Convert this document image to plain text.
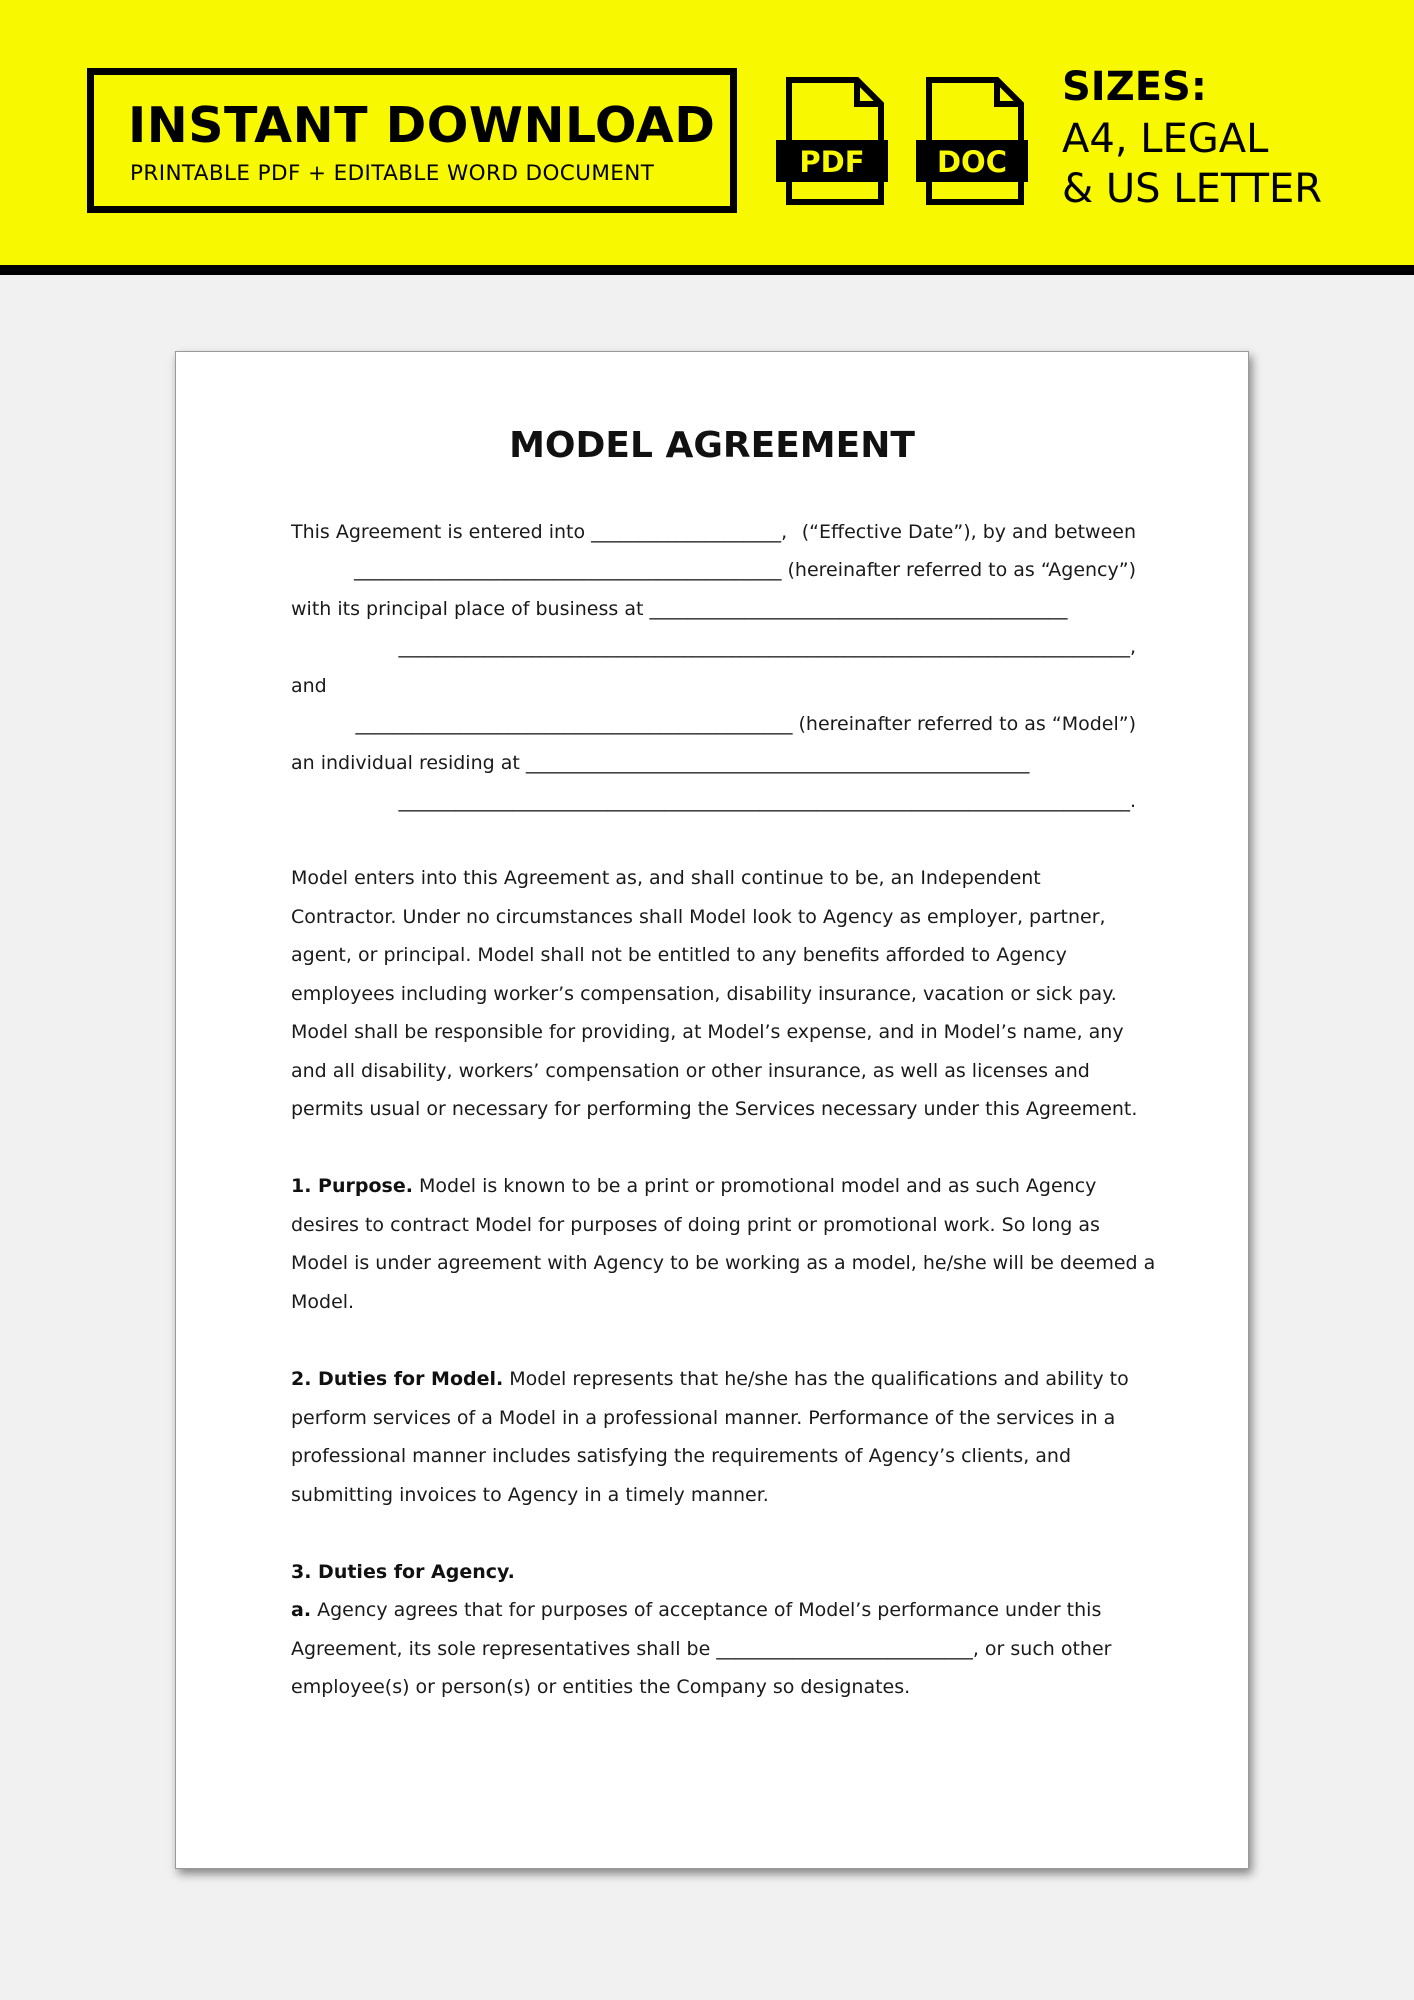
INSTANT DOWNLOAD
PRINTABLE PDF + EDITABLE WORD DOCUMENT	PDF DOC
SIZES:
A4, LEGAL
& US LETTER
MODEL AGREEMENT
This Agreement is entered into ____________________, (“Effective Date”), by and between
_____________________________________________ (hereinafter referred to as “Agency”)
with its principal place of business at ____________________________________________
_____________________________________________________________________________,
and
______________________________________________ (hereinafter referred to as “Model”)
an individual residing at _____________________________________________________
_____________________________________________________________________________.
Model enters into this Agreement as, and shall continue to be, an Independent
Contractor. Under no circumstances shall Model look to Agency as employer, partner,
agent, or principal. Model shall not be entitled to any benefits afforded to Agency
employees including worker’s compensation, disability insurance, vacation or sick pay.
Model shall be responsible for providing, at Model’s expense, and in Model’s name, any
and all disability, workers’ compensation or other insurance, as well as licenses and
permits usual or necessary for performing the Services necessary under this Agreement.
1. Purpose. Model is known to be a print or promotional model and as such Agency
desires to contract Model for purposes of doing print or promotional work. So long as
Model is under agreement with Agency to be working as a model, he/she will be deemed a
Model.
2. Duties for Model. Model represents that he/she has the qualifications and ability to
perform services of a Model in a professional manner. Performance of the services in a
professional manner includes satisfying the requirements of Agency’s clients, and
submitting invoices to Agency in a timely manner.
3. Duties for Agency.
a. Agency agrees that for purposes of acceptance of Model’s performance under this
Agreement, its sole representatives shall be ___________________________, or such other
employee(s) or person(s) or entities the Company so designates.
